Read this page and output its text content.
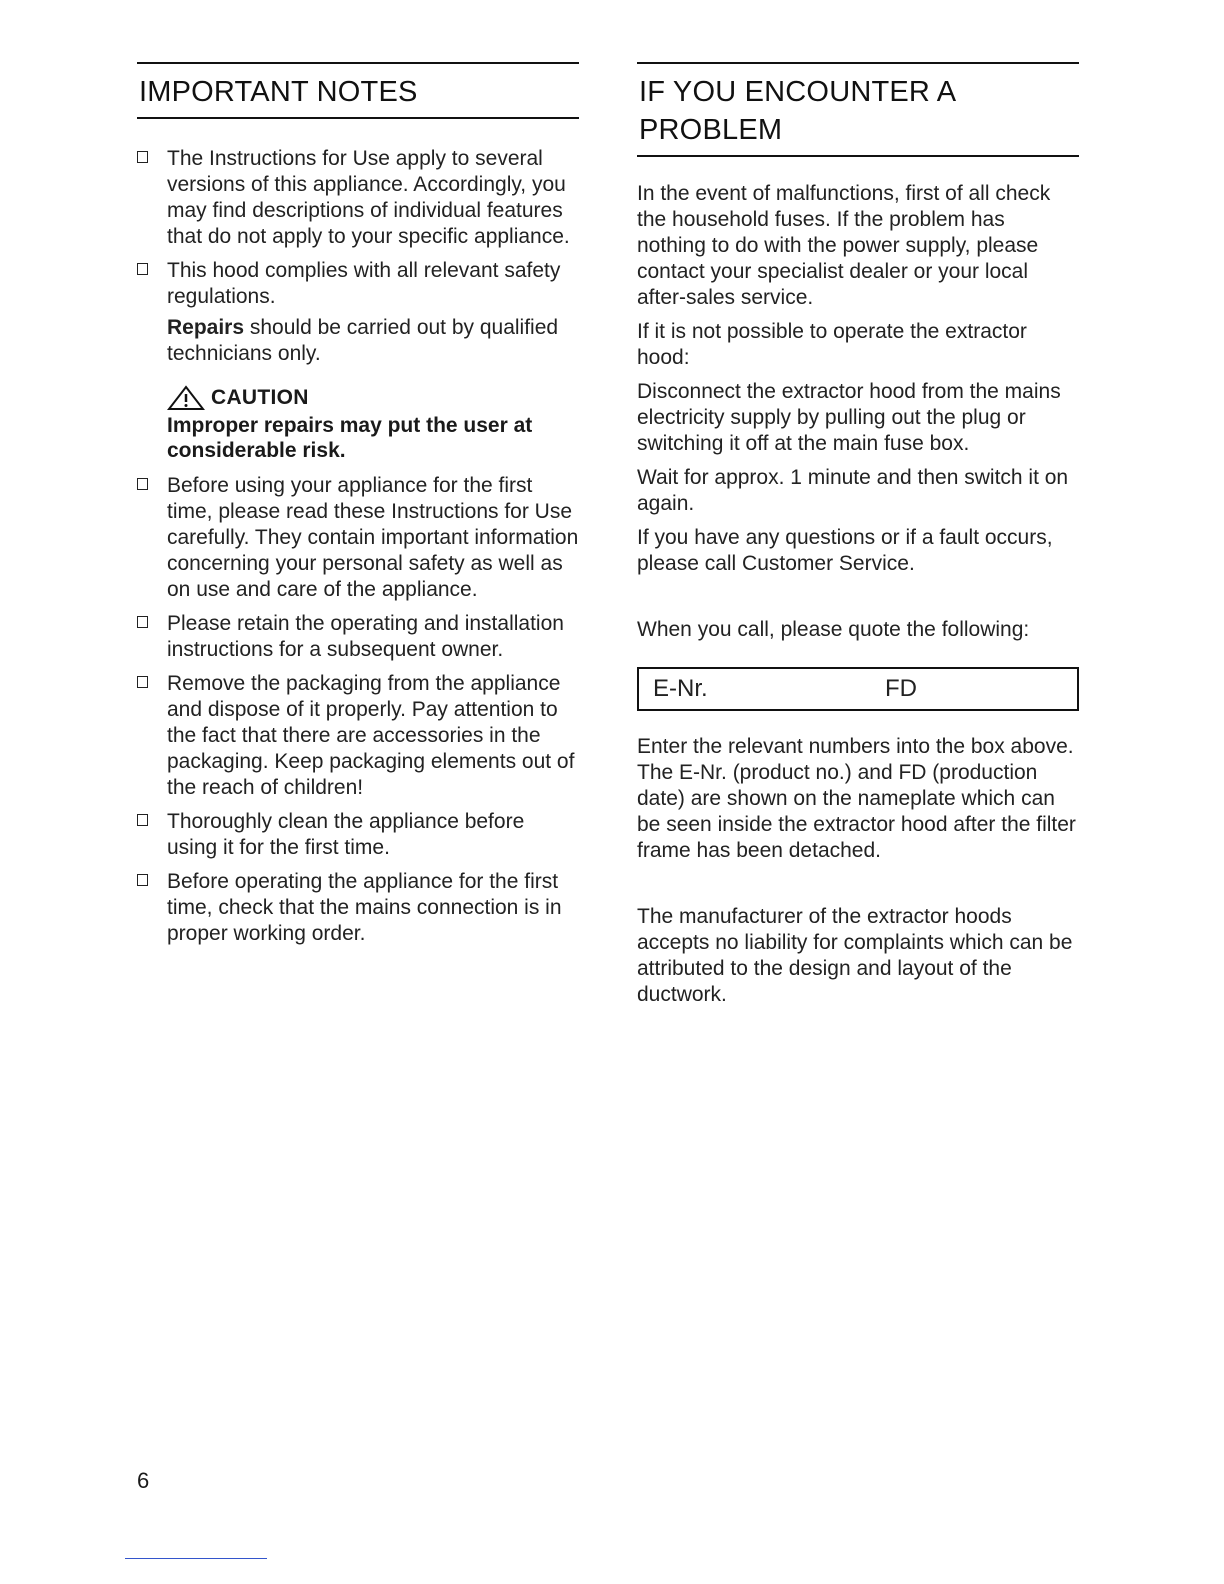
IMPORTANT NOTES
The Instructions for Use apply to several versions of this appliance. Accordingly, you may find descriptions of individual features that do not apply to your specific appliance.
This hood complies with all relevant safety regulations.

Repairs should be carried out by qualified technicians only.

CAUTION
Improper repairs may put the user at considerable risk.
Before using your appliance for the first time, please read these Instructions for Use carefully. They contain important information concerning your personal safety as well as on use and care of the appliance.
Please retain the operating and installation instructions for a subsequent owner.
Remove the packaging from the appliance and dispose of it properly. Pay attention to the fact that there are accessories in the packaging. Keep packaging elements out of the reach of children!
Thoroughly clean the appliance before using it for the first time.
Before operating the appliance for the first time, check that the mains connection is in proper working order.
IF YOU ENCOUNTER A
PROBLEM

In the event of malfunctions, first of all check the household fuses. If the problem has nothing to do with the power supply, please contact your specialist dealer or your local after-sales service.

If it is not possible to operate the extractor hood:

Disconnect the extractor hood from the mains electricity supply by pulling out the plug or switching it off at the main fuse box.

Wait for approx. 1 minute and then switch it on again.

If you have any questions or if a fault occurs, please call Customer Service.

When you call, please quote the following:

E-Nr.	FD

Enter the relevant numbers into the box above. The E-Nr. (product no.) and FD (production date) are shown on the nameplate which can be seen inside the extractor hood after the filter frame has been detached.

The manufacturer of the extractor hoods accepts no liability for complaints which can be attributed to the design and layout of the ductwork.

6
